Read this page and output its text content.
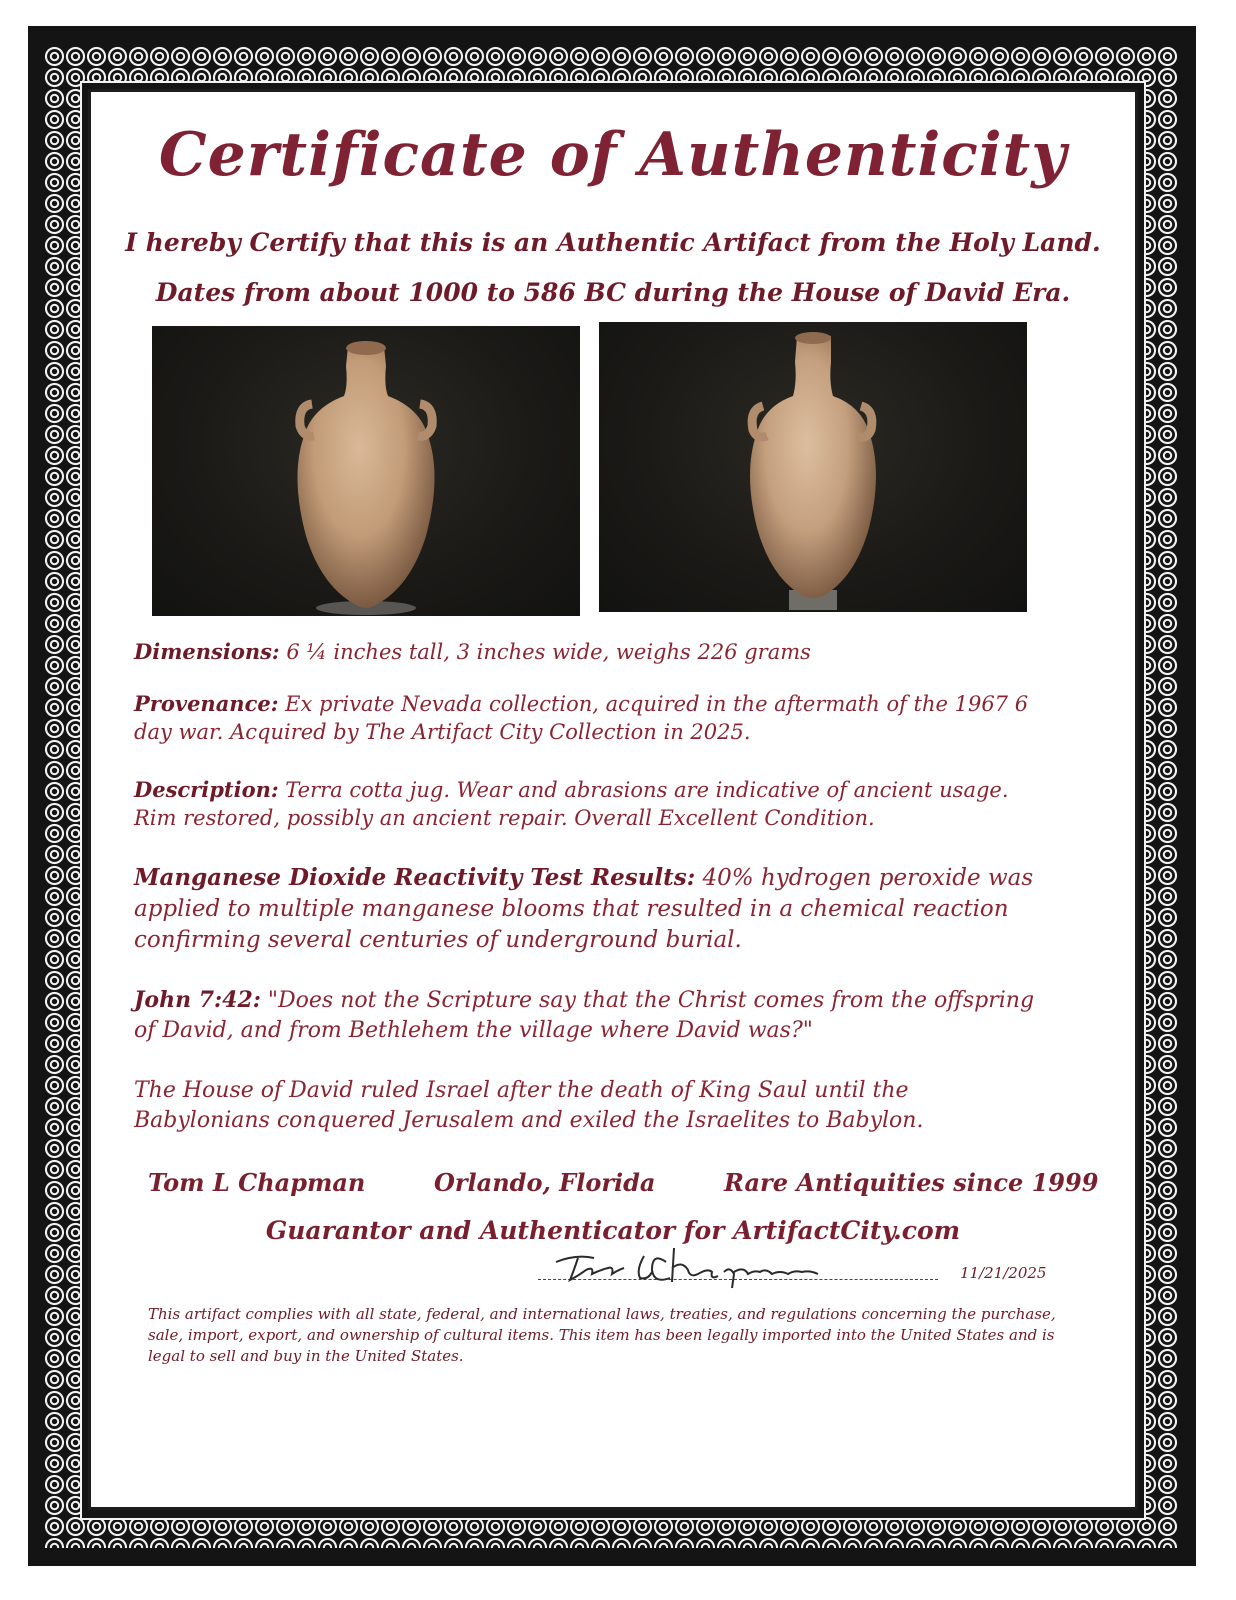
Certificate of Authenticity
I hereby Certify that this is an Authentic Artifact from the Holy Land.
Dates from about 1000 to 586 BC during the House of David Era.
Dimensions: 6 ¼ inches tall, 3 inches wide, weighs 226 grams
Provenance: Ex private Nevada collection, acquired in the aftermath of the 1967 6 day war. Acquired by The Artifact City Collection in 2025.
Description: Terra cotta jug. Wear and abrasions are indicative of ancient usage. Rim restored, possibly an ancient repair. Overall Excellent Condition.
Manganese Dioxide Reactivity Test Results: 40% hydrogen peroxide was applied to multiple manganese blooms that resulted in a chemical reaction confirming several centuries of underground burial.
John 7:42: "Does not the Scripture say that the Christ comes from the offspring of David, and from Bethlehem the village where David was?"
The House of David ruled Israel after the death of King Saul until the Babylonians conquered Jerusalem and exiled the Israelites to Babylon.
Tom L Chapman	Orlando, Florida	Rare Antiquities since 1999
Guarantor and Authenticator for ArtifactCity.com
11/21/2025
This artifact complies with all state, federal, and international laws, treaties, and regulations concerning the purchase, sale, import, export, and ownership of cultural items. This item has been legally imported into the United States and is legal to sell and buy in the United States.
